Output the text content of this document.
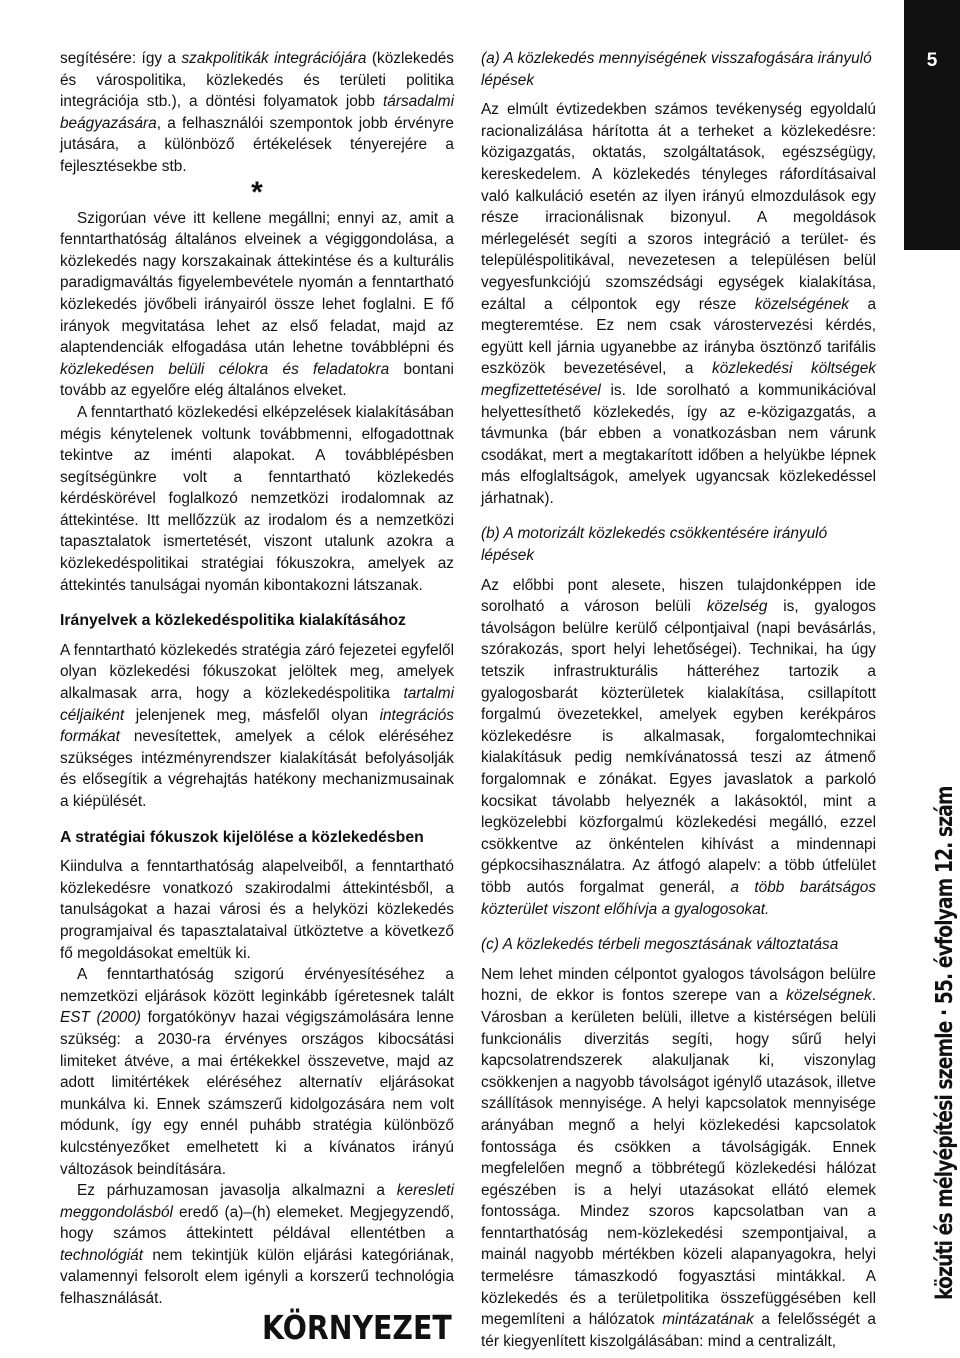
segítésére: így a szakpolitikák integrációjára (közlekedés és várospolitika, közlekedés és területi politika integrációja stb.), a döntési folyamatok jobb társadalmi beágyazására, a felhasználói szempontok jobb érvényre jutására, a különböző értékelések tényerejére a fejlesztésekbe stb.

*

Szigorúan véve itt kellene megállni; ennyi az, amit a fenntarthatóság általános elveinek a végiggondolása, a közlekedés nagy korszakainak áttekintése és a kulturális paradigmaváltás figyelembevétele nyomán a fenntartható közlekedés jövőbeli irányairól össze lehet foglalni. E fő irányok megvitatása lehet az első feladat, majd az alaptendenciák elfogadása után lehetne továbblépni és közlekedésen belüli célokra és feladatokra bontani tovább az egyelőre elég általános elveket.

A fenntartható közlekedési elképzelések kialakításában mégis kénytelenek voltunk továbbmenni, elfogadottnak tekintve az iménti alapokat. A továbblépésben segítségünkre volt a fenntartható közlekedés kérdéskörével foglalkozó nemzetközi irodalomnak az áttekintése. Itt mellőzzük az irodalom és a nemzetközi tapasztalatok ismertetését, viszont utalunk azokra a közlekedéspolitikai stratégiai fókuszokra, amelyek az áttekintés tanulságai nyomán kibontakozni látszanak.

Irányelvek a közlekedéspolitika kialakításához

A fenntartható közlekedés stratégia záró fejezetei egyfelől olyan közlekedési fókuszokat jelöltek meg, amelyek alkalmasak arra, hogy a közlekedéspolitika tartalmi céljaiként jelenjenek meg, másfelől olyan integrációs formákat nevesítettek, amelyek a célok eléréséhez szükséges intézményrendszer kialakítását befolyásolják és elősegítik a végrehajtás hatékony mechanizmusainak a kiépülését.

A stratégiai fókuszok kijelölése a közlekedésben

Kiindulva a fenntarthatóság alapelveiből, a fenntartható közlekedésre vonatkozó szakirodalmi áttekintésből, a tanulságokat a hazai városi és a helyközi közlekedés programjaival és tapasztalataival ütköztetve a következő fő megoldásokat emeltük ki.

A fenntarthatóság szigorú érvényesítéséhez a nemzetközi eljárások között leginkább ígéretesnek talált EST (2000) forgatókönyv hazai végigszámolására lenne szükség: a 2030-ra érvényes országos kibocsátási limiteket átvéve, a mai értékekkel összevetve, majd az adott limitértékek eléréséhez alternatív eljárásokat munkálva ki. Ennek számszerű kidolgozására nem volt módunk, így egy ennél puhább stratégia különböző kulcstényezőket emelhetett ki a kívánatos irányú változások beindítására.

Ez párhuzamosan javasolja alkalmazni a keresleti meggondolásból eredő (a)–(h) elemeket. Megjegyzendő, hogy számos áttekintett példával ellentétben a technológiát nem tekintjük külön eljárási kategóriának, valamennyi felsorolt elem igényli a korszerű technológia felhasználását.

(a) A közlekedés mennyiségének visszafogására irányuló lépések

Az elmúlt évtizedekben számos tevékenység egyoldalú racionalizálása hárította át a terheket a közlekedésre: közigazgatás, oktatás, szolgáltatások, egészségügy, kereskedelem. A közlekedés tényleges ráfordításaival való kalkuláció esetén az ilyen irányú elmozdulások egy része irracionálisnak bizonyul. A megoldások mérlegelését segíti a szoros integráció a terület- és településpolitikával, nevezetesen a településen belül vegyesfunkciójú szomszédsági egységek kialakítása, ezáltal a célpontok egy része közelségének a megteremtése. Ez nem csak várostervezési kérdés, együtt kell járnia ugyanebbe az irányba ösztönző tarifális eszközök bevezetésével, a közlekedési költségek megfizettetésével is. Ide sorolható a kommunikációval helyettesíthető közlekedés, így az e-közigazgatás, a távmunka (bár ebben a vonatkozásban nem várunk csodákat, mert a megtakarított időben a helyükbe lépnek más elfoglaltságok, amelyek ugyancsak közlekedéssel járhatnak).

(b) A motorizált közlekedés csökkentésére irányuló lépések

Az előbbi pont alesete, hiszen tulajdonképpen ide sorolható a városon belüli közelség is, gyalogos távolságon belülre kerülő célpontjaival (napi bevásárlás, szórakozás, sport helyi lehetőségei). Technikai, ha úgy tetszik infrastrukturális hátteréhez tartozik a gyalogosbarát közterületek kialakítása, csillapított forgalmú övezetekkel, amelyek egyben kerékpáros közlekedésre is alkalmasak, forgalomtechnikai kialakításuk pedig nemkívánatossá teszi az átmenő forgalomnak e zónákat. Egyes javaslatok a parkoló kocsikat távolabb helyeznék a lakásoktól, mint a legközelebbi közforgalmú közlekedési megálló, ezzel csökkentve az önkéntelen kihívást a mindennapi gépkocsihasználatra. Az átfogó alapelv: a több útfelület több autós forgalmat generál, a több barátságos közterület viszont előhívja a gyalogosokat.

(c) A közlekedés térbeli megosztásának változtatása

Nem lehet minden célpontot gyalogos távolságon belülre hozni, de ekkor is fontos szerepe van a közelségnek. Városban a kerületen belüli, illetve a kistérségen belüli funkcionális diverzitás segíti, hogy sűrű helyi kapcsolatrendszerek alakuljanak ki, viszonylag csökkenjen a nagyobb távolságot igénylő utazások, illetve szállítások mennyisége. A helyi kapcsolatok mennyisége arányában megnő a helyi közlekedési kapcsolatok fontossága és csökken a távolságigák. Ennek megfelelően megnő a többrétegű közlekedési hálózat egészében is a helyi utazásokat ellátó elemek fontossága. Mindez szoros kapcsolatban van a fenntarthatóság nem-közlekedési szempontjaival, a mainál nagyobb mértékben közeli alapanyagokra, helyi termelésre támaszkodó fogyasztási mintákkal. A közlekedés és a területpolitika összefüggésében kell megemlíteni a hálózatok mintázatának a felelősségét a tér kiegyenlített kiszolgálásában: mind a centralizált,

5
közúti és mélyépítési szemle · 55. évfolyam 12. szám
KÖRNYEZET
